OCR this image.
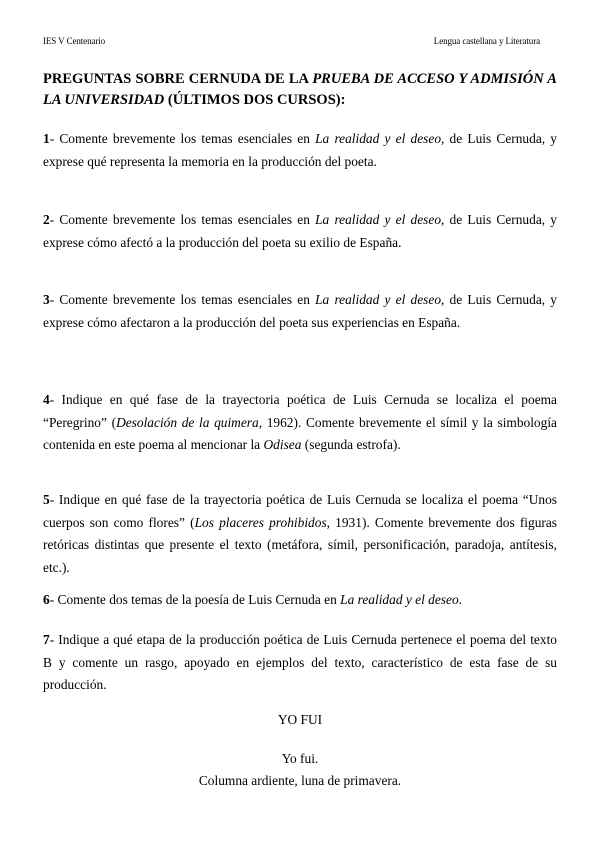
IES V Centenario	Lengua castellana y Literatura
PREGUNTAS SOBRE CERNUDA DE LA PRUEBA DE ACCESO Y ADMISIÓN A LA UNIVERSIDAD (ÚLTIMOS DOS CURSOS):
1- Comente brevemente los temas esenciales en La realidad y el deseo, de Luis Cernuda, y exprese qué representa la memoria en la producción del poeta.
2- Comente brevemente los temas esenciales en La realidad y el deseo, de Luis Cernuda, y exprese cómo afectó a la producción del poeta su exilio de España.
3- Comente brevemente los temas esenciales en La realidad y el deseo, de Luis Cernuda, y exprese cómo afectaron a la producción del poeta sus experiencias en España.
4- Indique en qué fase de la trayectoria poética de Luis Cernuda se localiza el poema “Peregrino” (Desolación de la quimera, 1962). Comente brevemente el símil y la simbología contenida en este poema al mencionar la Odisea (segunda estrofa).
5- Indique en qué fase de la trayectoria poética de Luis Cernuda se localiza el poema “Unos cuerpos son como flores” (Los placeres prohibidos, 1931). Comente brevemente dos figuras retóricas distintas que presente el texto (metáfora, símil, personificación, paradoja, antítesis, etc.).
6- Comente dos temas de la poesía de Luis Cernuda en La realidad y el deseo.
7- Indique a qué etapa de la producción poética de Luis Cernuda pertenece el poema del texto B y comente un rasgo, apoyado en ejemplos del texto, característico de esta fase de su producción.
YO FUI
Yo fui.
Columna ardiente, luna de primavera.
